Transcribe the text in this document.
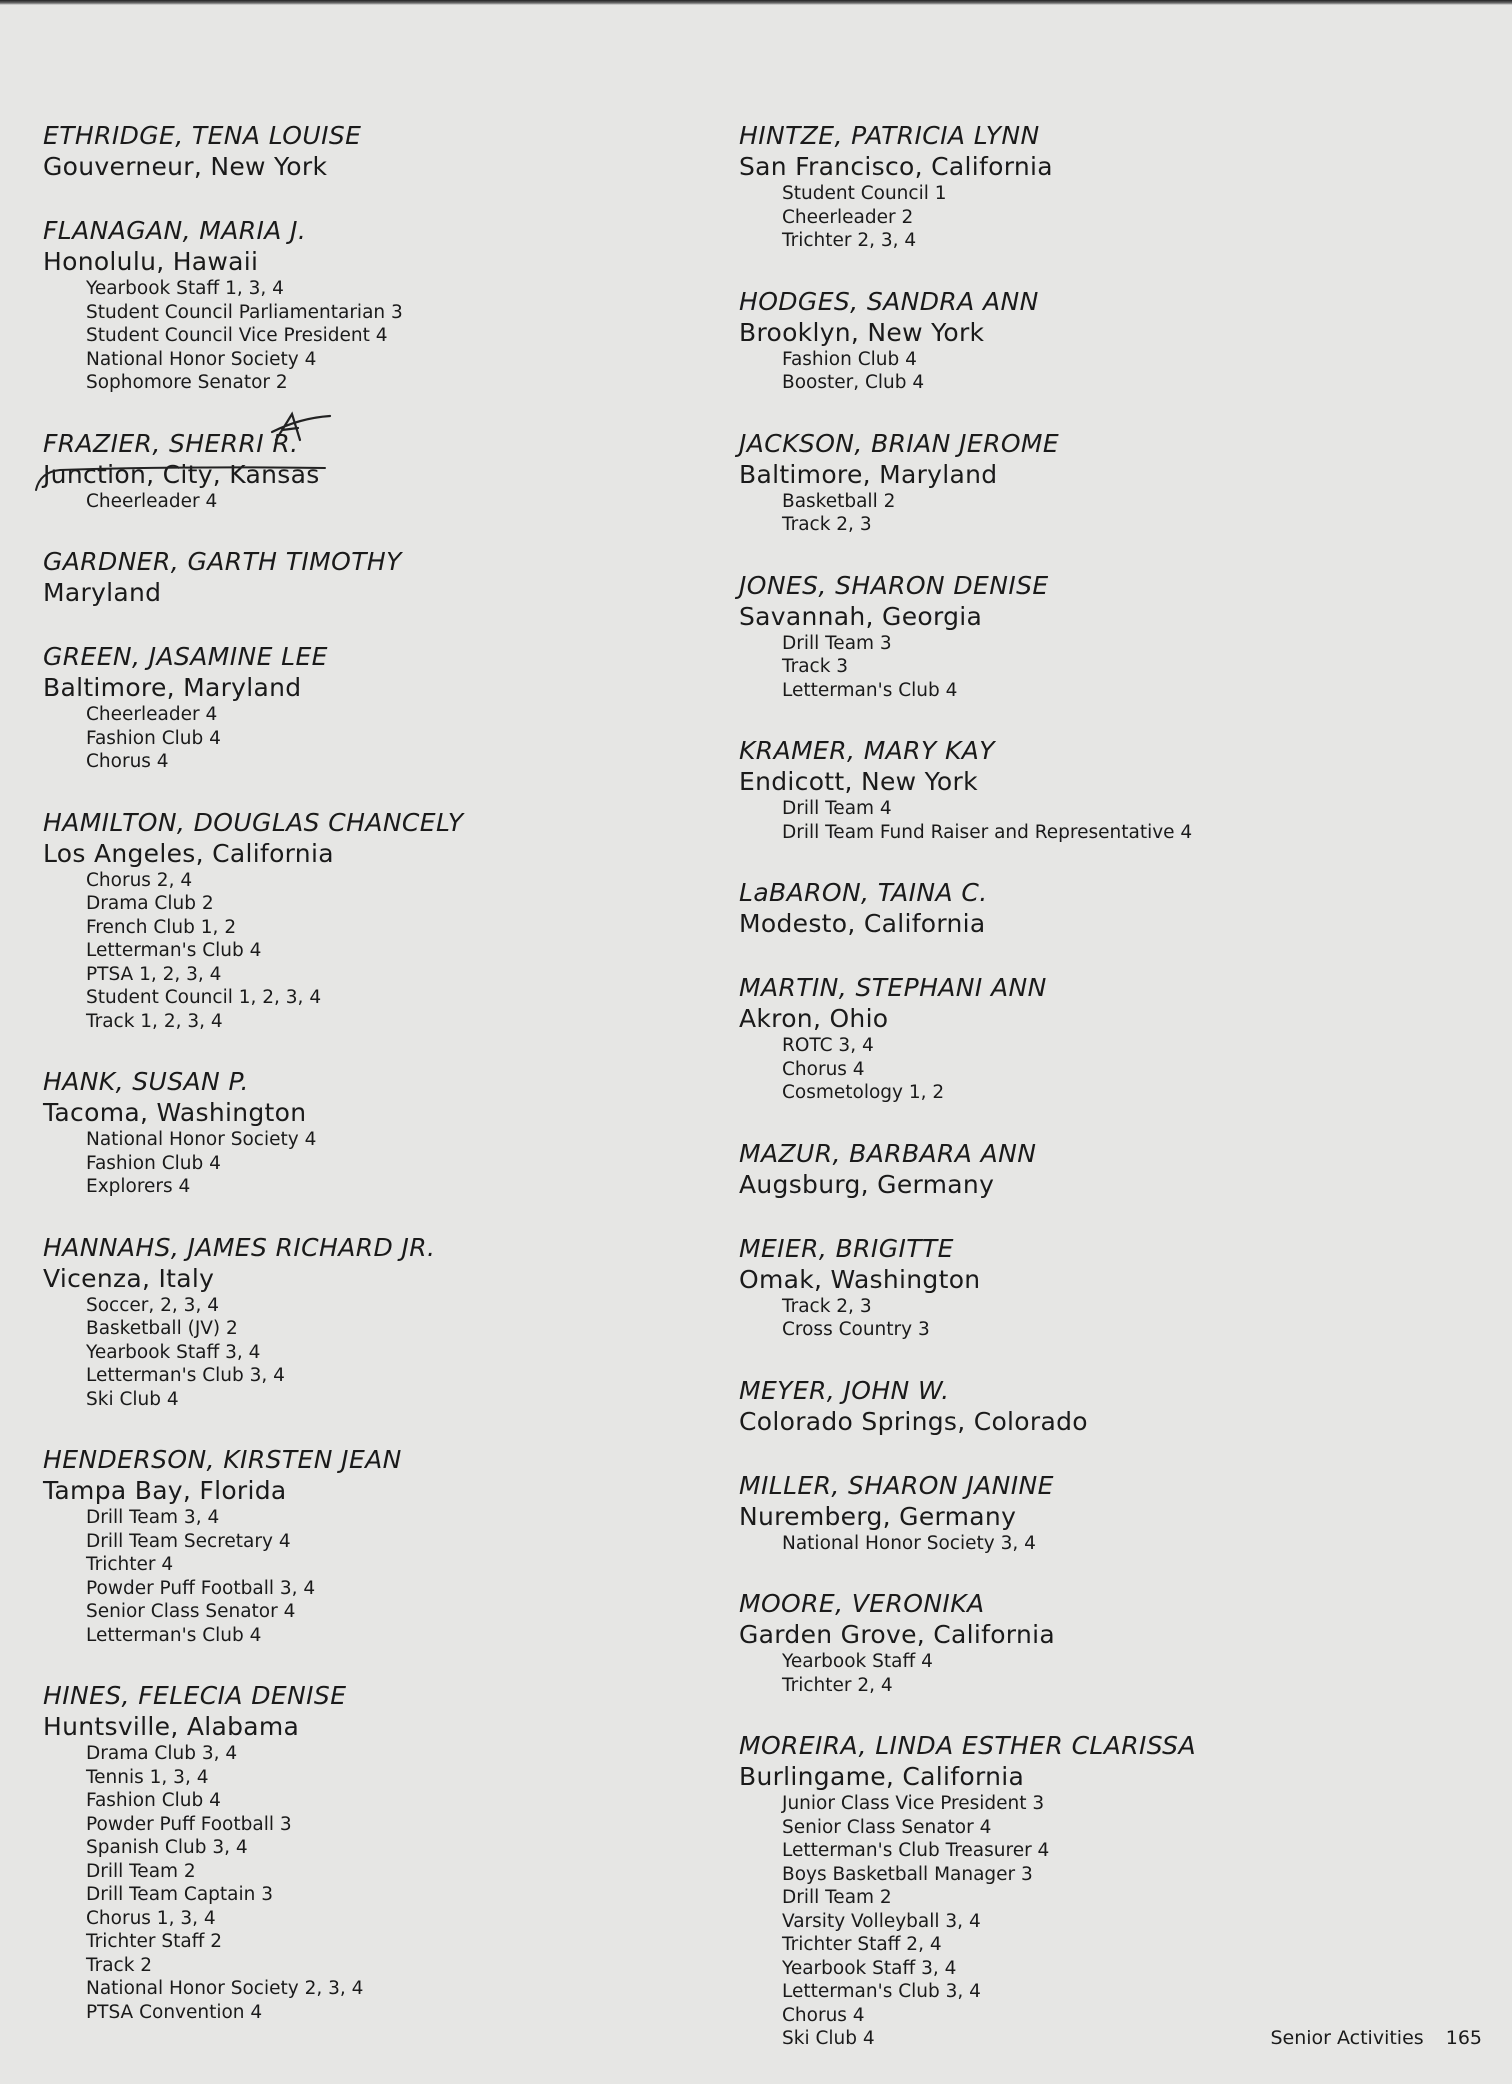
ETHRIDGE, TENA LOUISE
Gouverneur, New York
FLANAGAN, MARIA J.
Honolulu, Hawaii
Yearbook Staff 1, 3, 4
Student Council Parliamentarian 3
Student Council Vice President 4
National Honor Society 4
Sophomore Senator 2
FRAZIER, SHERRI R.
Junction, City, Kansas
Cheerleader 4
GARDNER, GARTH TIMOTHY
Maryland
GREEN, JASAMINE LEE
Baltimore, Maryland
Cheerleader 4
Fashion Club 4
Chorus 4
HAMILTON, DOUGLAS CHANCELY
Los Angeles, California
Chorus 2, 4
Drama Club 2
French Club 1, 2
Letterman's Club 4
PTSA 1, 2, 3, 4
Student Council 1, 2, 3, 4
Track 1, 2, 3, 4
HANK, SUSAN P.
Tacoma, Washington
National Honor Society 4
Fashion Club 4
Explorers 4
HANNAHS, JAMES RICHARD JR.
Vicenza, Italy
Soccer, 2, 3, 4
Basketball (JV) 2
Yearbook Staff 3, 4
Letterman's Club 3, 4
Ski Club 4
HENDERSON, KIRSTEN JEAN
Tampa Bay, Florida
Drill Team 3, 4
Drill Team Secretary 4
Trichter 4
Powder Puff Football 3, 4
Senior Class Senator 4
Letterman's Club 4
HINES, FELECIA DENISE
Huntsville, Alabama
Drama Club 3, 4
Tennis 1, 3, 4
Fashion Club 4
Powder Puff Football 3
Spanish Club 3, 4
Drill Team 2
Drill Team Captain 3
Chorus 1, 3, 4
Trichter Staff 2
Track 2
National Honor Society 2, 3, 4
PTSA Convention 4
HINTZE, PATRICIA LYNN
San Francisco, California
Student Council 1
Cheerleader 2
Trichter 2, 3, 4
HODGES, SANDRA ANN
Brooklyn, New York
Fashion Club 4
Booster, Club 4
JACKSON, BRIAN JEROME
Baltimore, Maryland
Basketball 2
Track 2, 3
JONES, SHARON DENISE
Savannah, Georgia
Drill Team 3
Track 3
Letterman's Club 4
KRAMER, MARY KAY
Endicott, New York
Drill Team 4
Drill Team Fund Raiser and Representative 4
LaBARON, TAINA C.
Modesto, California
MARTIN, STEPHANI ANN
Akron, Ohio
ROTC 3, 4
Chorus 4
Cosmetology 1, 2
MAZUR, BARBARA ANN
Augsburg, Germany
MEIER, BRIGITTE
Omak, Washington
Track 2, 3
Cross Country 3
MEYER, JOHN W.
Colorado Springs, Colorado
MILLER, SHARON JANINE
Nuremberg, Germany
National Honor Society 3, 4
MOORE, VERONIKA
Garden Grove, California
Yearbook Staff 4
Trichter 2, 4
MOREIRA, LINDA ESTHER CLARISSA
Burlingame, California
Junior Class Vice President 3
Senior Class Senator 4
Letterman's Club Treasurer 4
Boys Basketball Manager 3
Drill Team 2
Varsity Volleyball 3, 4
Trichter Staff 2, 4
Yearbook Staff 3, 4
Letterman's Club 3, 4
Chorus 4
Ski Club 4	Senior Activities 165
